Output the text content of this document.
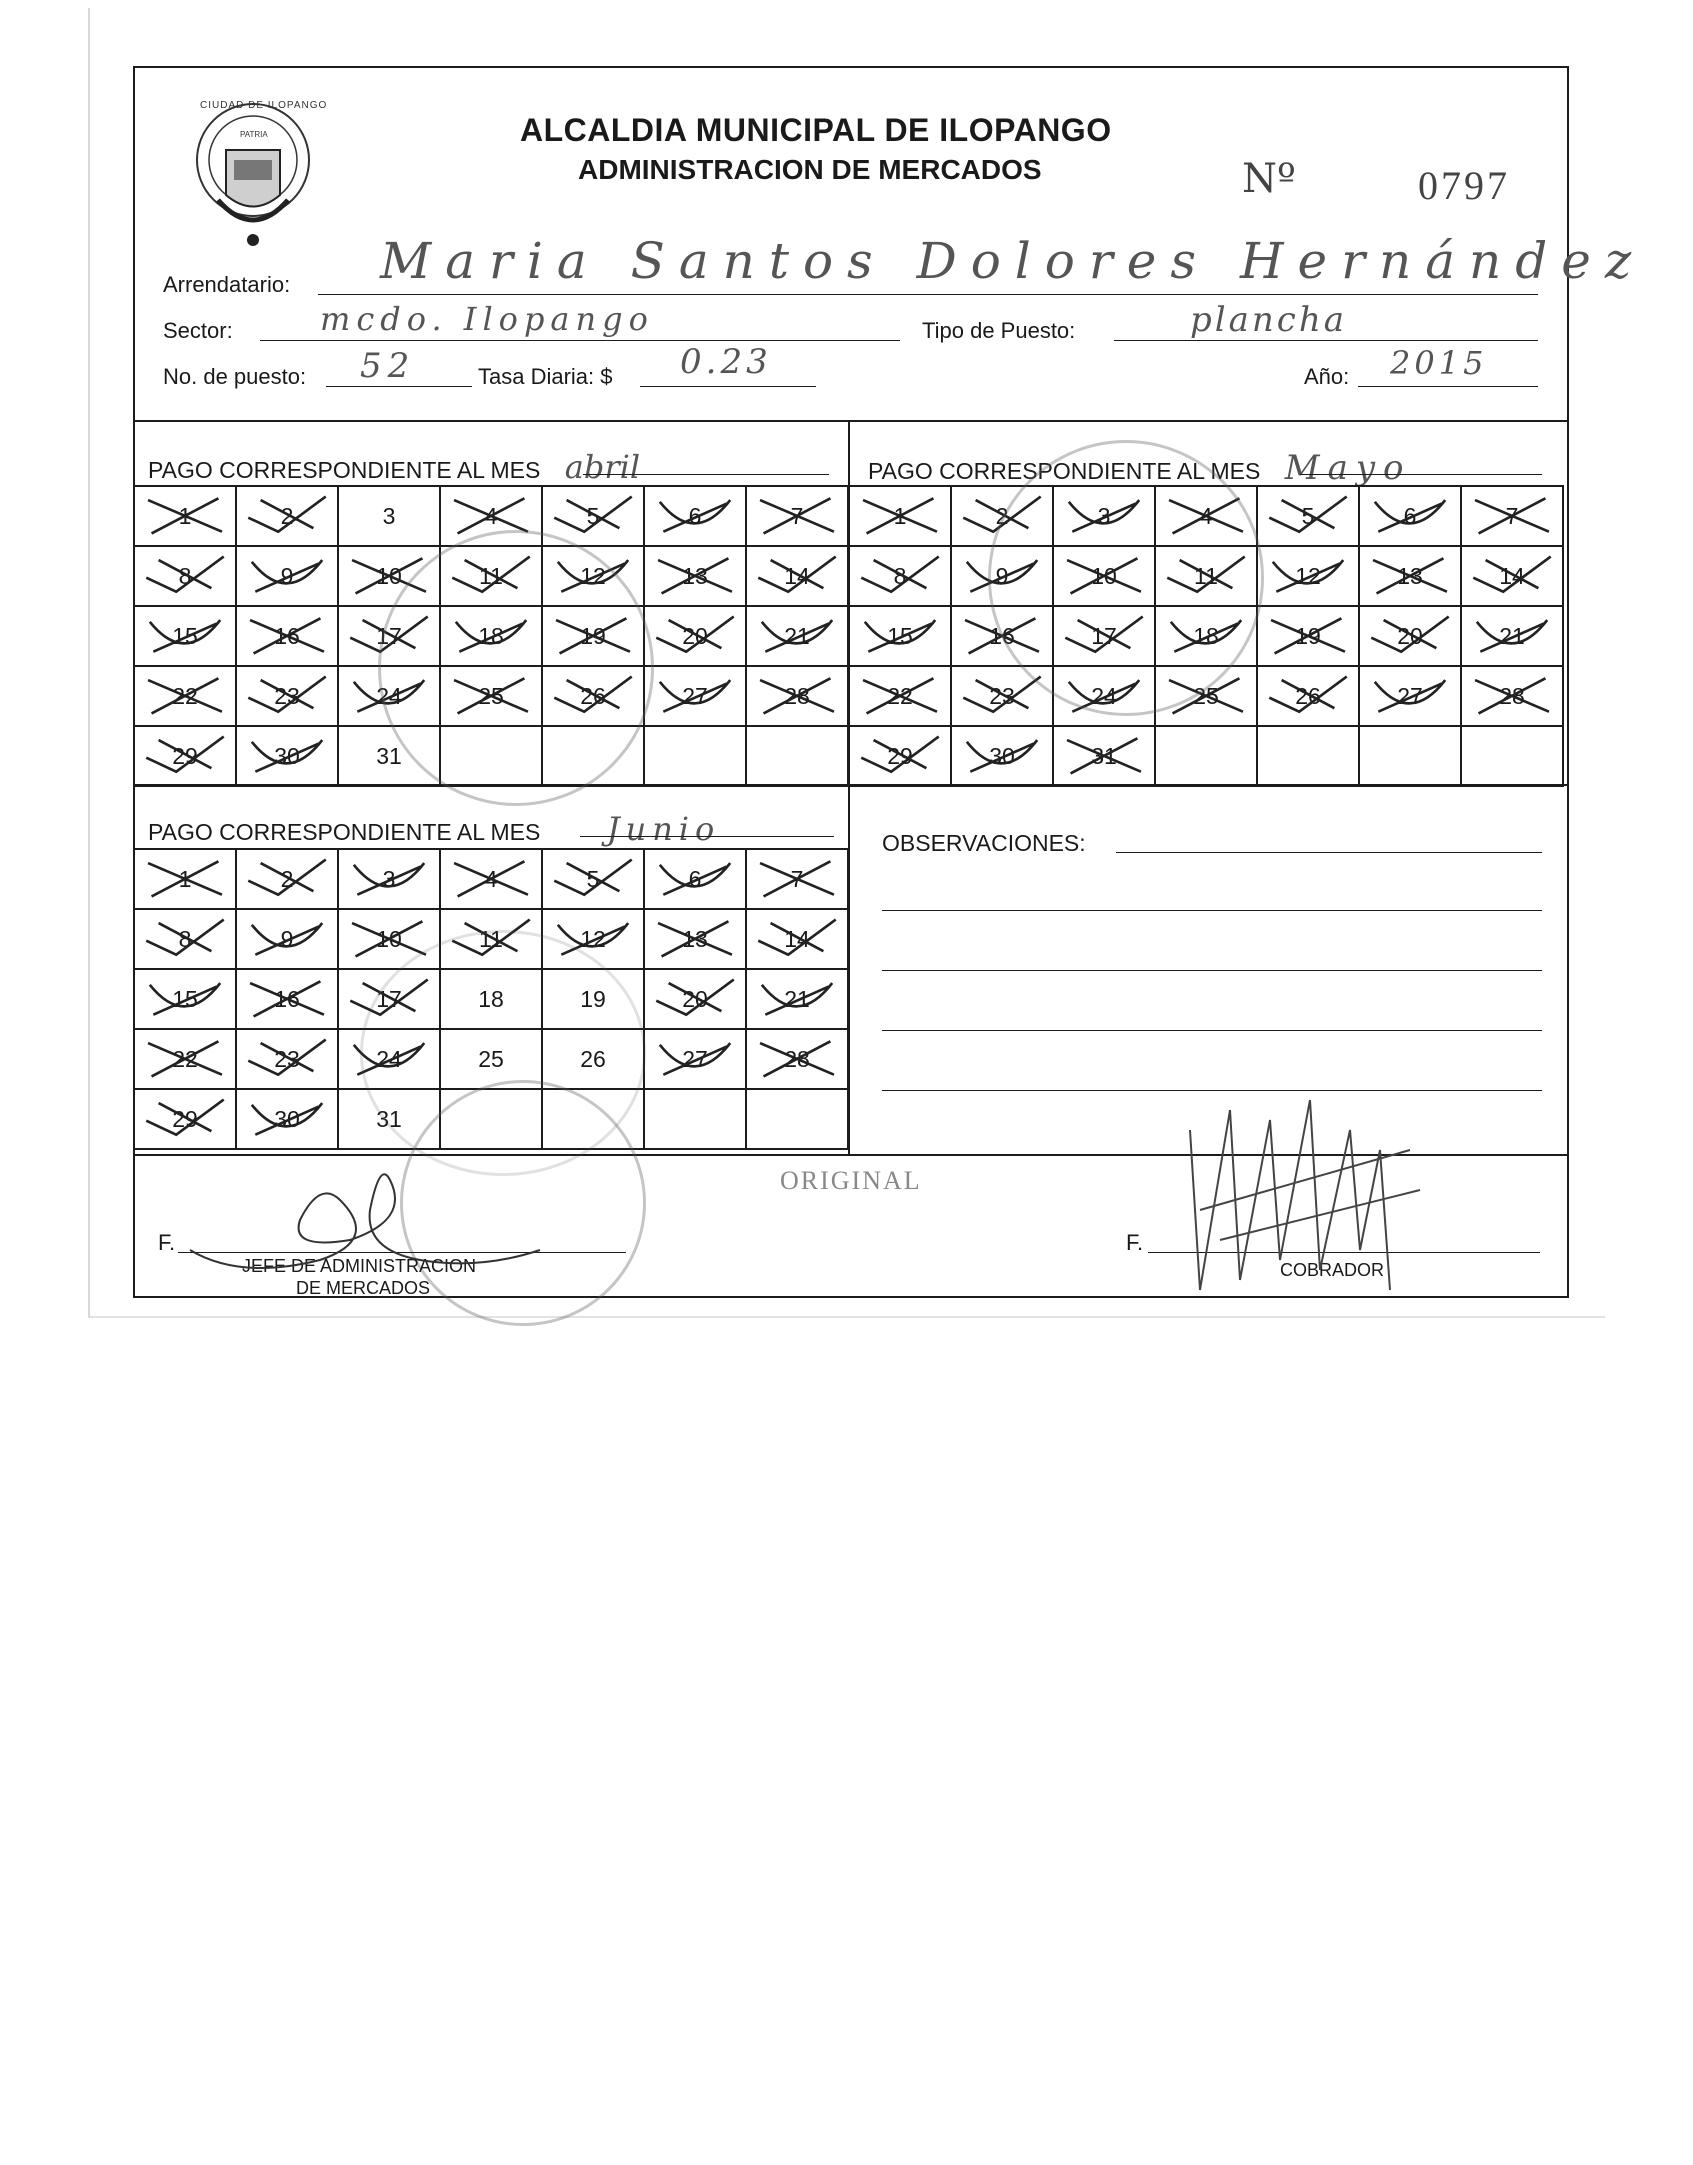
CIUDAD DE ILOPANGO
PATRIA	ALCALDIA MUNICIPAL DE ILOPANGO
ADMINISTRACION DE MERCADOS	Nº	0797
Arrendatario: Maria Santos Dolores Hernández
Sector:	mcdo. Ilopango	Tipo de Puesto:	plancha
No. de puesto: 52	Tasa Diaria: $ 0.23	Año: 2015
PAGO CORRESPONDIENTE AL MES abril	PAGO CORRESPONDIENTE AL MES Mayo
PAGO CORRESPONDIENTE AL MES Junio
1	2	3	4	5	6	7

8	9	10	11	12	13	14

15	16	17	18	19	20	21

22	23	24	25	26	27	28

29	30	31				
1	2	3	4	5	6	7

8	9	10	11	12	13	14

15	16	17	18	19	20	21

22	23	24	25	26	27	28

29	30	31

1	2	3	4	5	6	7

8	9	10	11	12	13	14

15	16	17	18	19	20	21

22	23	24	25	26	27	28

29	30	31				
OBSERVACIONES:
ORIGINAL
F.
JEFE DE ADMINISTRACION
DE MERCADOS
F.
COBRADOR
